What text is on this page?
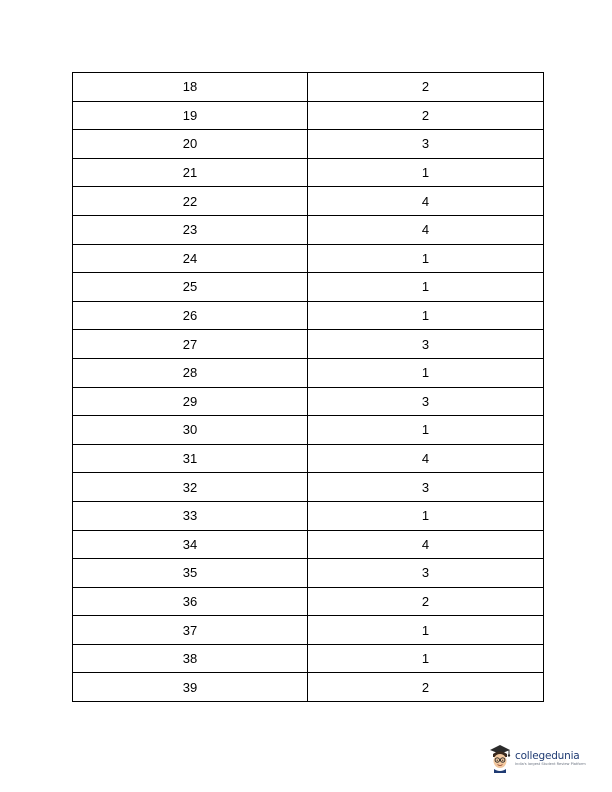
18	2
19	2
20	3
21	1
22	4
23	4
24	1
25	1
26	1
27	3
28	1
29	3
30	1
31	4
32	3
33	1
34	4
35	3
36	2
37	1
38	1
39	2
collegedunia
India's largest Student Review Platform
